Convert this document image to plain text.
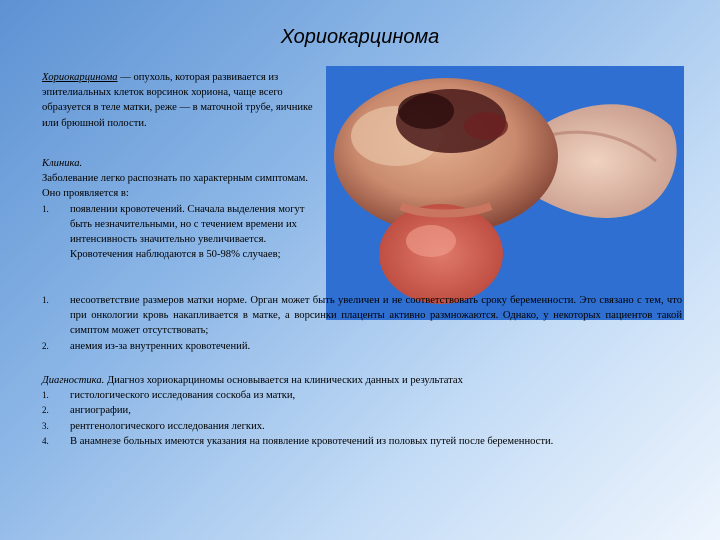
Хориокарцинома
Хориокарцинома — опухоль, которая развивается из эпителиальных клеток ворсинок хориона, чаще всего образуется в теле матки, реже — в маточной трубе, яичнике или брюшной полости.
Клиника.
Заболевание легко распознать по характерным симптомам. Оно проявляется в:
1. появлении кровотечений. Сначала выделения могут быть незначительными, но с течением времени их интенсивность значительно увеличивается. Кровотечения наблюдаются в 50-98% случаев;
1. несоответствие размеров матки норме. Орган может быть увеличен и не соответствовать сроку беременности. Это связано с тем, что при онкологии кровь накапливается в матке, а ворсинки плаценты активно размножаются. Однако, у некоторых пациентов такой симптом может отсутствовать;
2. анемия из-за внутренних кровотечений.
Диагностика. Диагноз хориокарциномы основывается на клинических данных и результатах
1. гистологического исследования соскоба из матки,
2. ангиографии,
3. рентгенологического исследования легких.
4. В анамнезе больных имеются указания на появление кровотечений из половых путей после беременности.
